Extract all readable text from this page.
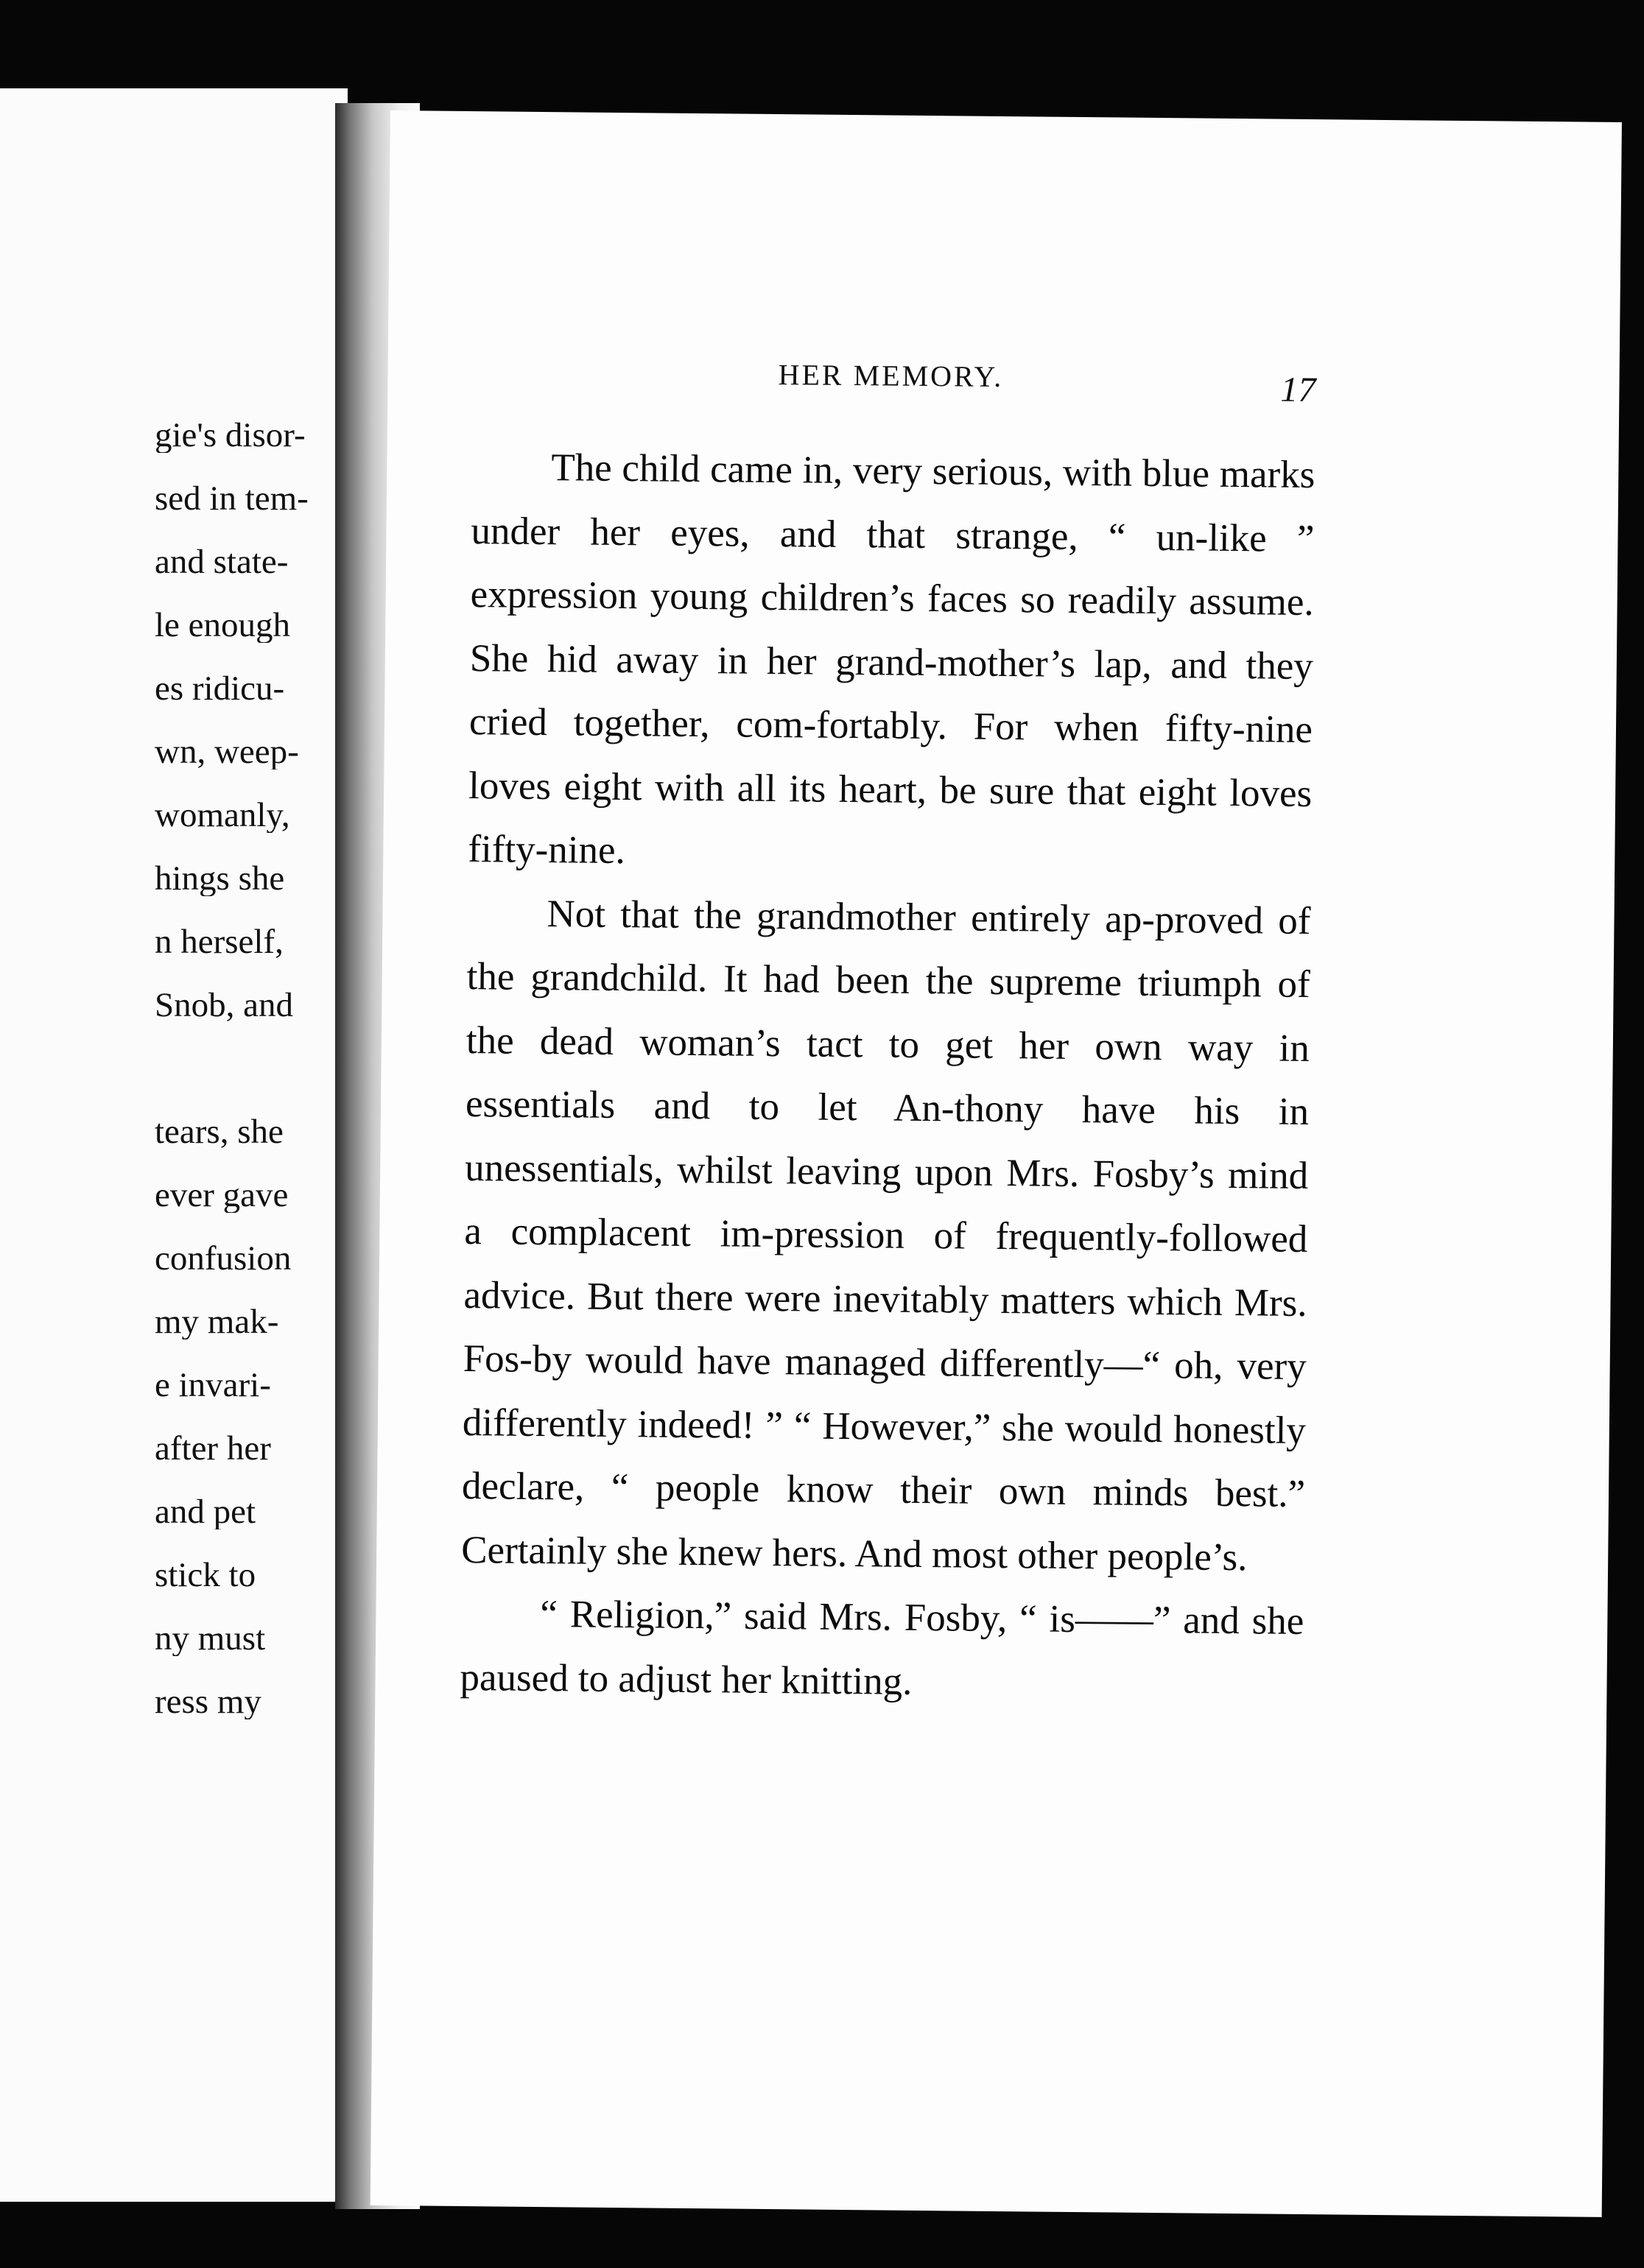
gie's disor-
sed in tem-
and state-
le enough
es ridicu-
wn, weep-
womanly,
hings she
n herself,
Snob, and
tears, she
ever gave
confusion
my mak-
e invari-
after her
and pet
stick to
ny must
ress my
HER MEMORY.	17

The child came in, very serious, with blue marks under her eyes, and that strange, “ un-like ” expression young children’s faces so readily assume. She hid away in her grand-mother’s lap, and they cried together, com-fortably. For when fifty-nine loves eight with all its heart, be sure that eight loves fifty-nine.

Not that the grandmother entirely ap-proved of the grandchild. It had been the supreme triumph of the dead woman’s tact to get her own way in essentials and to let An-thony have his in unessentials, whilst leaving upon Mrs. Fosby’s mind a complacent im-pression of frequently-followed advice. But there were inevitably matters which Mrs. Fos-by would have managed differently—“ oh, very differently indeed! ” “ However,” she would honestly declare, “ people know their own minds best.” Certainly she knew hers. And most other people’s.

“ Religion,” said Mrs. Fosby, “ is——” and she paused to adjust her knitting.
